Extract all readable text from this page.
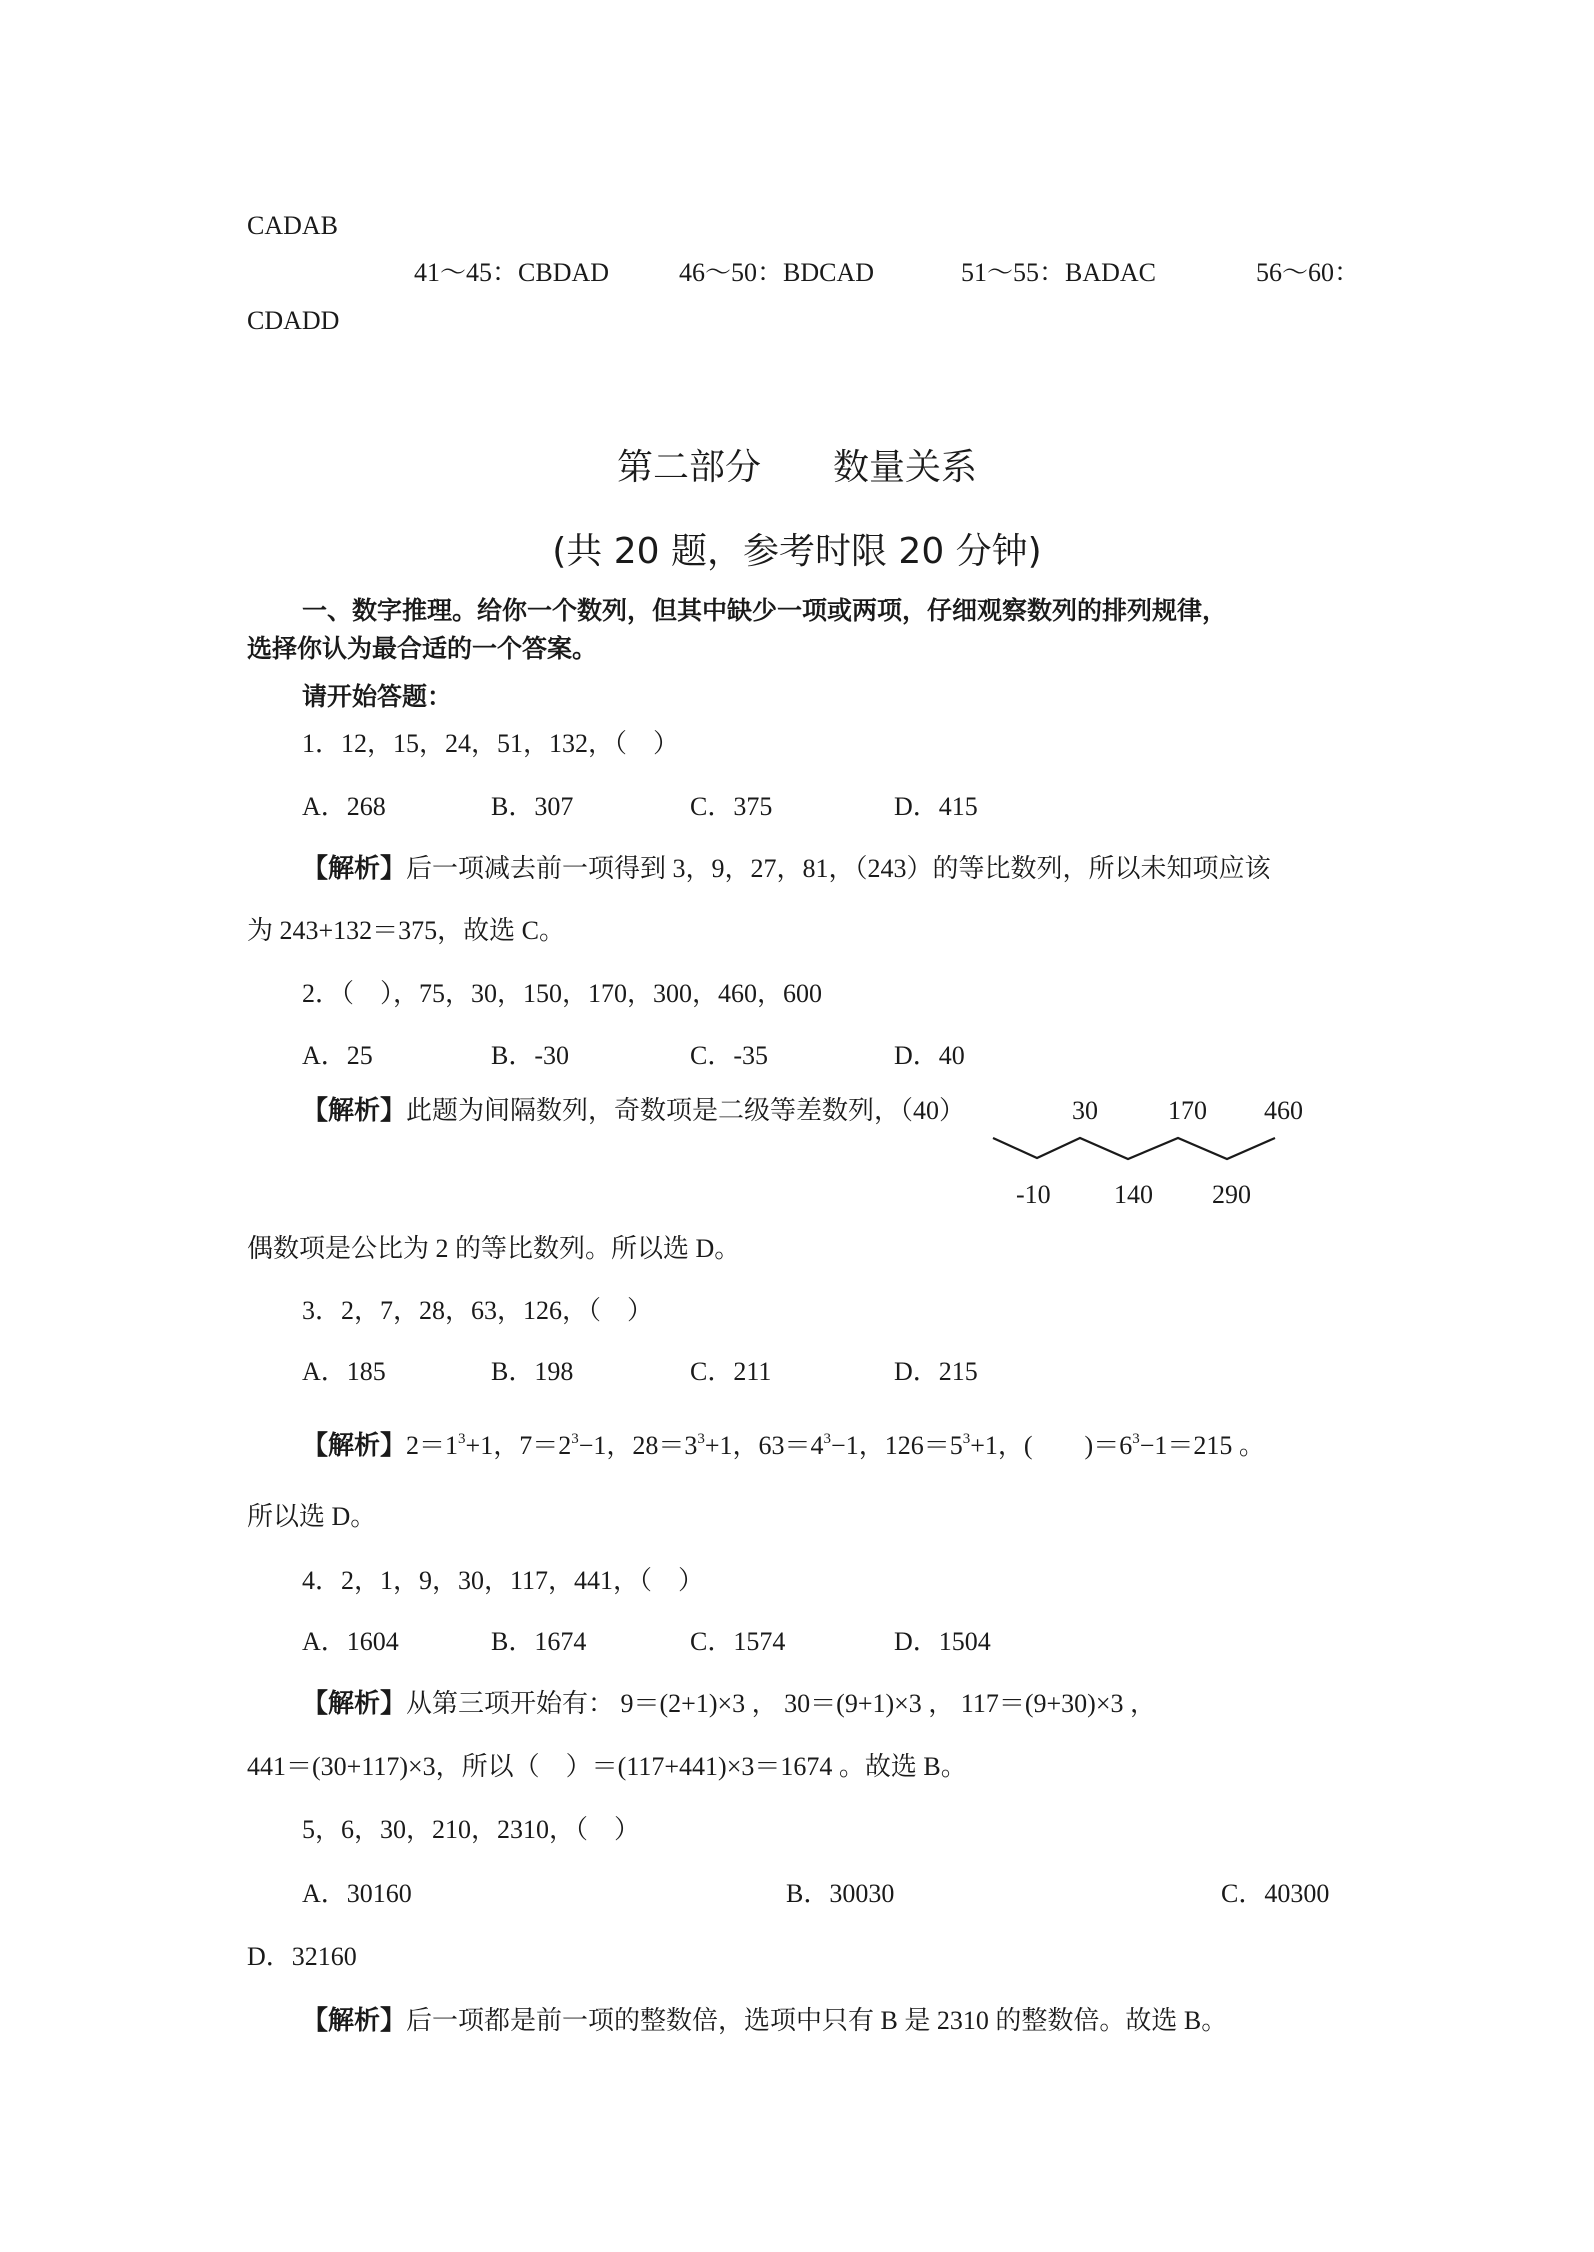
CADAB
41～45：CBDAD	46～50：BDCAD	51～55：BADAC	56～60：
CDADD
第二部分　　数量关系
(共 20 题，参考时限 20 分钟)
一、数字推理。给你一个数列，但其中缺少一项或两项，仔细观察数列的排列规律，
选择你认为最合适的一个答案。
请开始答题：
1．12，15，24，51，132，（　）
A．268	B．307	C．375	D．415
【解析】后一项减去前一项得到 3，9，27，81，（243）的等比数列，所以未知项应该
为 243+132＝375，故选 C。
2．（　），75，30，150，170，300，460，600
A．25	B．-30	C．-35	D．40
【解析】此题为间隔数列，奇数项是二级等差数列，（40）	30	170 460
-10 140 290
偶数项是公比为 2 的等比数列。所以选 D。
3．2，7，28，63，126，（　）
A．185	B．198	C．211	D．215
【解析】$2=1^3+1$，$7=2^3-1$，$28=3^3+1$，$63=4^3-1$，$126=5^3+1$，(　　)$=6^3-1=215$ 。
所以选 D。
4．2，1，9，30，117，441，（　）
A．1604	B．1674	C．1574	D．1504
【解析】从第三项开始有： 9＝(2+1)×3 ， 30＝(9+1)×3 ， 117＝(9+30)×3 ，
441＝(30+117)×3，所以（　）＝(117+441)×3＝1674 。故选 B。
5，6，30，210，2310，（　）
A．30160	B．30030	C．40300
D．32160
【解析】后一项都是前一项的整数倍，选项中只有 B 是 2310 的整数倍。故选 B。
